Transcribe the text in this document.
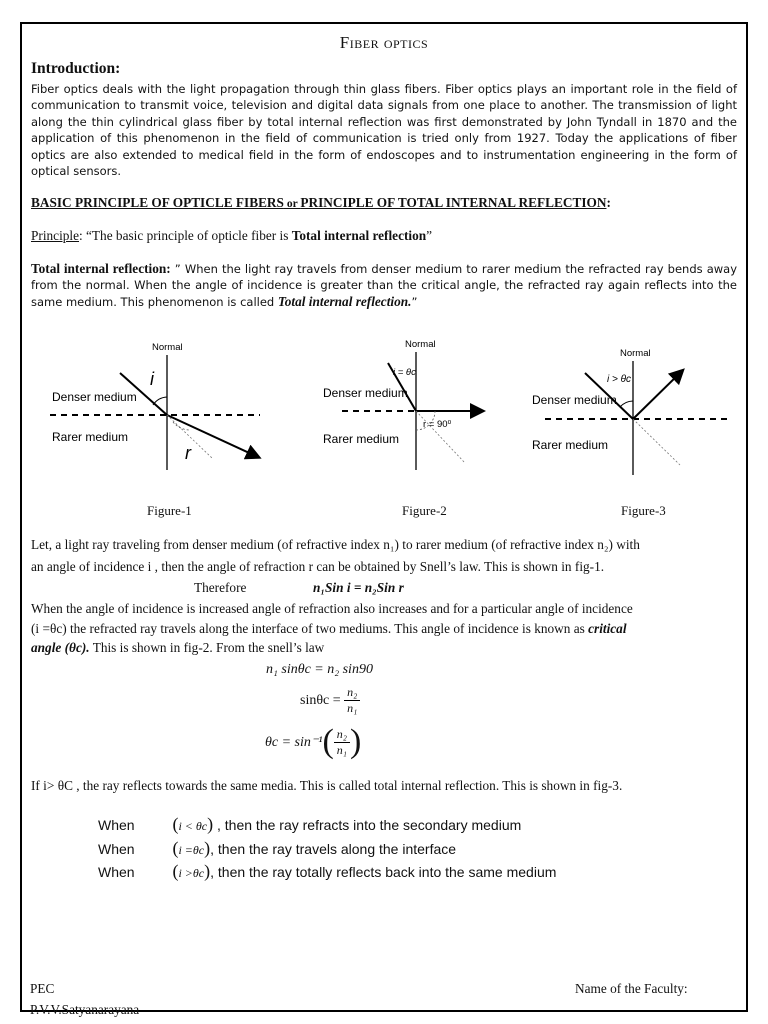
Fiber optics
Introduction:
Fiber optics deals with the light propagation through thin glass fibers. Fiber optics plays an important role in the field of communication to transmit voice, television and digital data signals from one place to another. The transmission of light along the thin cylindrical glass fiber by total internal reflection was first demonstrated by John Tyndall in 1870 and the application of this phenomenon in the field of communication is tried only from 1927. Today the applications of fiber optics are also extended to medical field in the form of endoscopes and to instrumentation engineering in the form of optical sensors.
BASIC PRINCIPLE OF OPTICLE FIBERS or PRINCIPLE OF TOTAL INTERNAL REFLECTION:
Principle: “The basic principle of opticle fiber is Total internal reflection”
Total internal reflection: ” When the light ray travels from denser medium to rarer medium the refracted ray bends away from the normal. When the angle of incidence is greater than the critical angle, the refracted ray again reflects into the same medium. This phenomenon is called Total internal reflection.”
Normal
Denser medium
Rarer medium
i
r
Normal
Denser medium
Rarer medium
i = θc
r = 90⁰
Normal
Denser medium
Rarer medium
i > θc
Figure-1	Figure-2	Figure-3
Let, a light ray traveling from denser medium (of refractive index n₁) to rarer medium (of refractive index n₂) with
an angle of incidence i , then the angle of refraction r can be obtained by Snell’s law. This is shown in fig-1.
Therefore	n₁Sin i = n₂Sin r
When the angle of incidence is increased angle of refraction also increases and for a particular angle of incidence
(i =θc) the refracted ray travels along the interface of two mediums. This angle of incidence is known as critical
angle (θc). This is shown in fig-2. From the snell’s law
n₁ sinθc = n₂ sin90
$\sin\theta c = \frac{\text{n₂}}{\text{n₁}}$
$\theta c = \sin^{-1}( \frac{\text{n₂}}{\text{n₁}}$ )
If i> θC , the ray reflects towards the same media. This is called total internal reflection. This is shown in fig-3.
When (i < θc) , then the ray refracts into the secondary medium
When (i =θc), then the ray travels along the interface
When (i >θc), then the ray totally reflects back into the same medium
PEC	Name of the Faculty:
P.V.V.Satyanarayana
